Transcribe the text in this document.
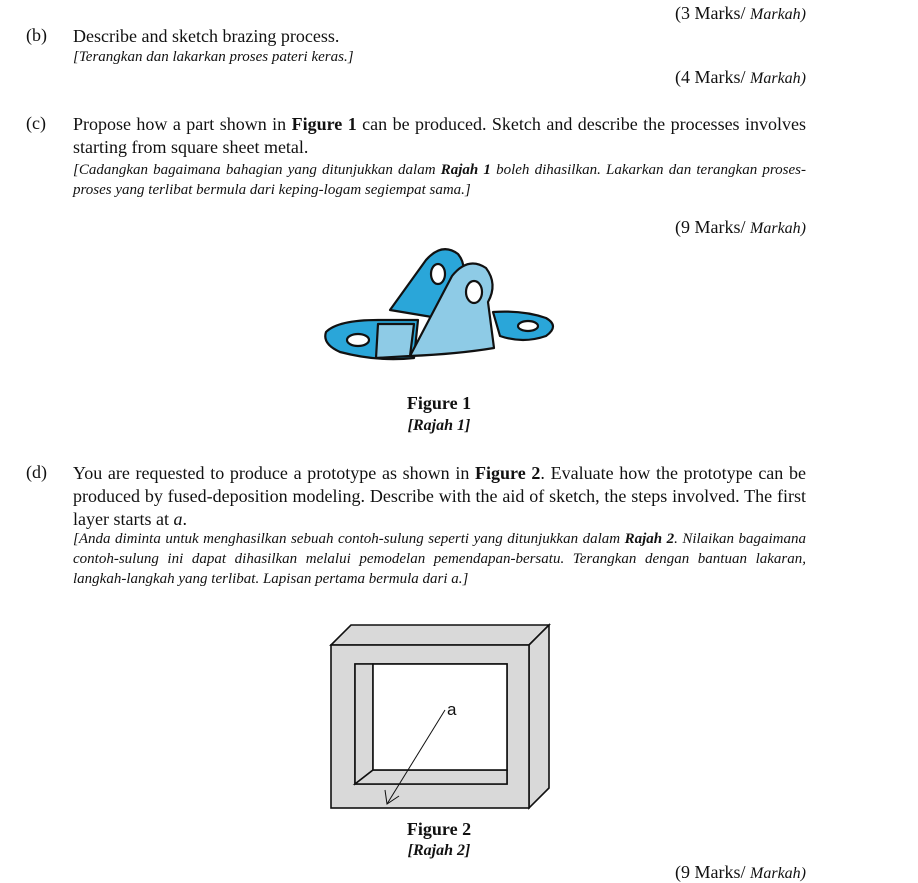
(3 Marks/ Markah)
(b) Describe and sketch brazing process.
[Terangkan dan lakarkan proses pateri keras.]
(4 Marks/ Markah)
(c) Propose how a part shown in Figure 1 can be produced. Sketch and describe the processes involves starting from square sheet metal.
[Cadangkan bagaimana bahagian yang ditunjukkan dalam Rajah 1 boleh dihasilkan. Lakarkan dan terangkan proses-proses yang terlibat bermula dari keping-logam segiempat sama.]
(9 Marks/ Markah)
Figure 1
[Rajah 1]
(d) You are requested to produce a prototype as shown in Figure 2. Evaluate how the prototype can be produced by fused-deposition modeling. Describe with the aid of sketch, the steps involved. The first layer starts at a.
[Anda diminta untuk menghasilkan sebuah contoh-sulung seperti yang ditunjukkan dalam Rajah 2. Nilaikan bagaimana contoh-sulung ini dapat dihasilkan melalui pemodelan pemendapan-bersatu. Terangkan dengan bantuan lakaran, langkah-langkah yang terlibat. Lapisan pertama bermula dari a.]
a
Figure 2
[Rajah 2]
(9 Marks/ Markah)
